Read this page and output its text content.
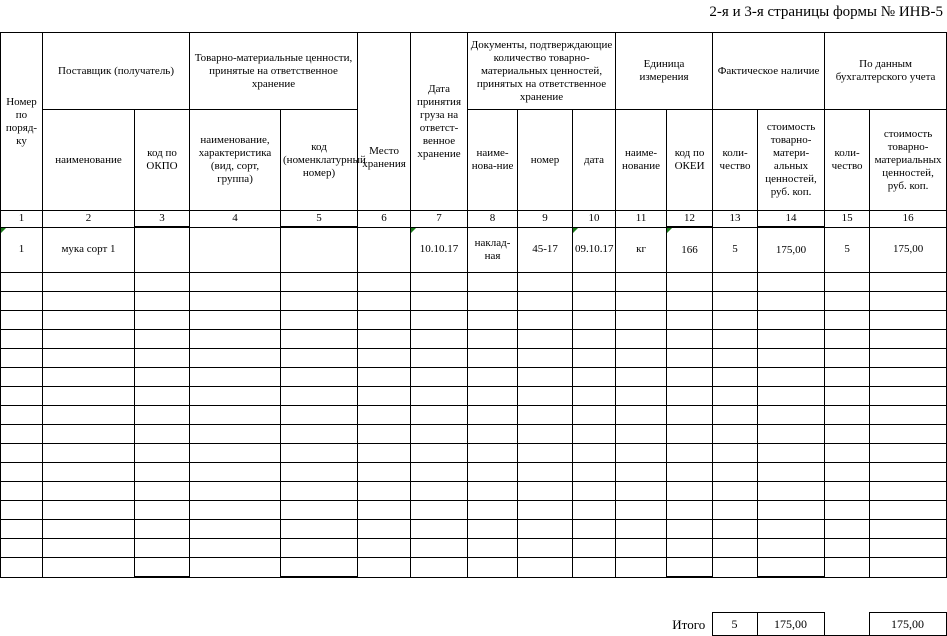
2-я и 3-я страницы формы № ИНВ-5
Номер по поряд-ку	Поставщик (получатель)		Товарно-материальные ценности, принятые на ответственное хранение		Место хранения	Дата принятия груза на ответст-венное хранение	Документы, подтверждающие количество товарно-материальных ценностей, принятых на ответственное хранение			Единица измерения		Фактическое наличие		По данным бухгалтерского учета	
	наименование	код по ОКПО	наименование, характеристика (вид, сорт, группа)	код (номенклатурный номер)			наиме-нова-ние	номер	дата	наиме-нование	код по ОКЕИ	коли-чество	стоимость товарно-матери-альных ценностей, руб. коп.	коли-чество	стоимость товарно-материальных ценностей, руб. коп.
1	2	3	4	5	6	7	8	9	10	11	12	13	14	15	16
1	мука сорт 1					10.10.17	наклад-ная	45-17	09.10.17	кг	166	5	175,00	5	175,00

											Итого	5	175,00		175,00
